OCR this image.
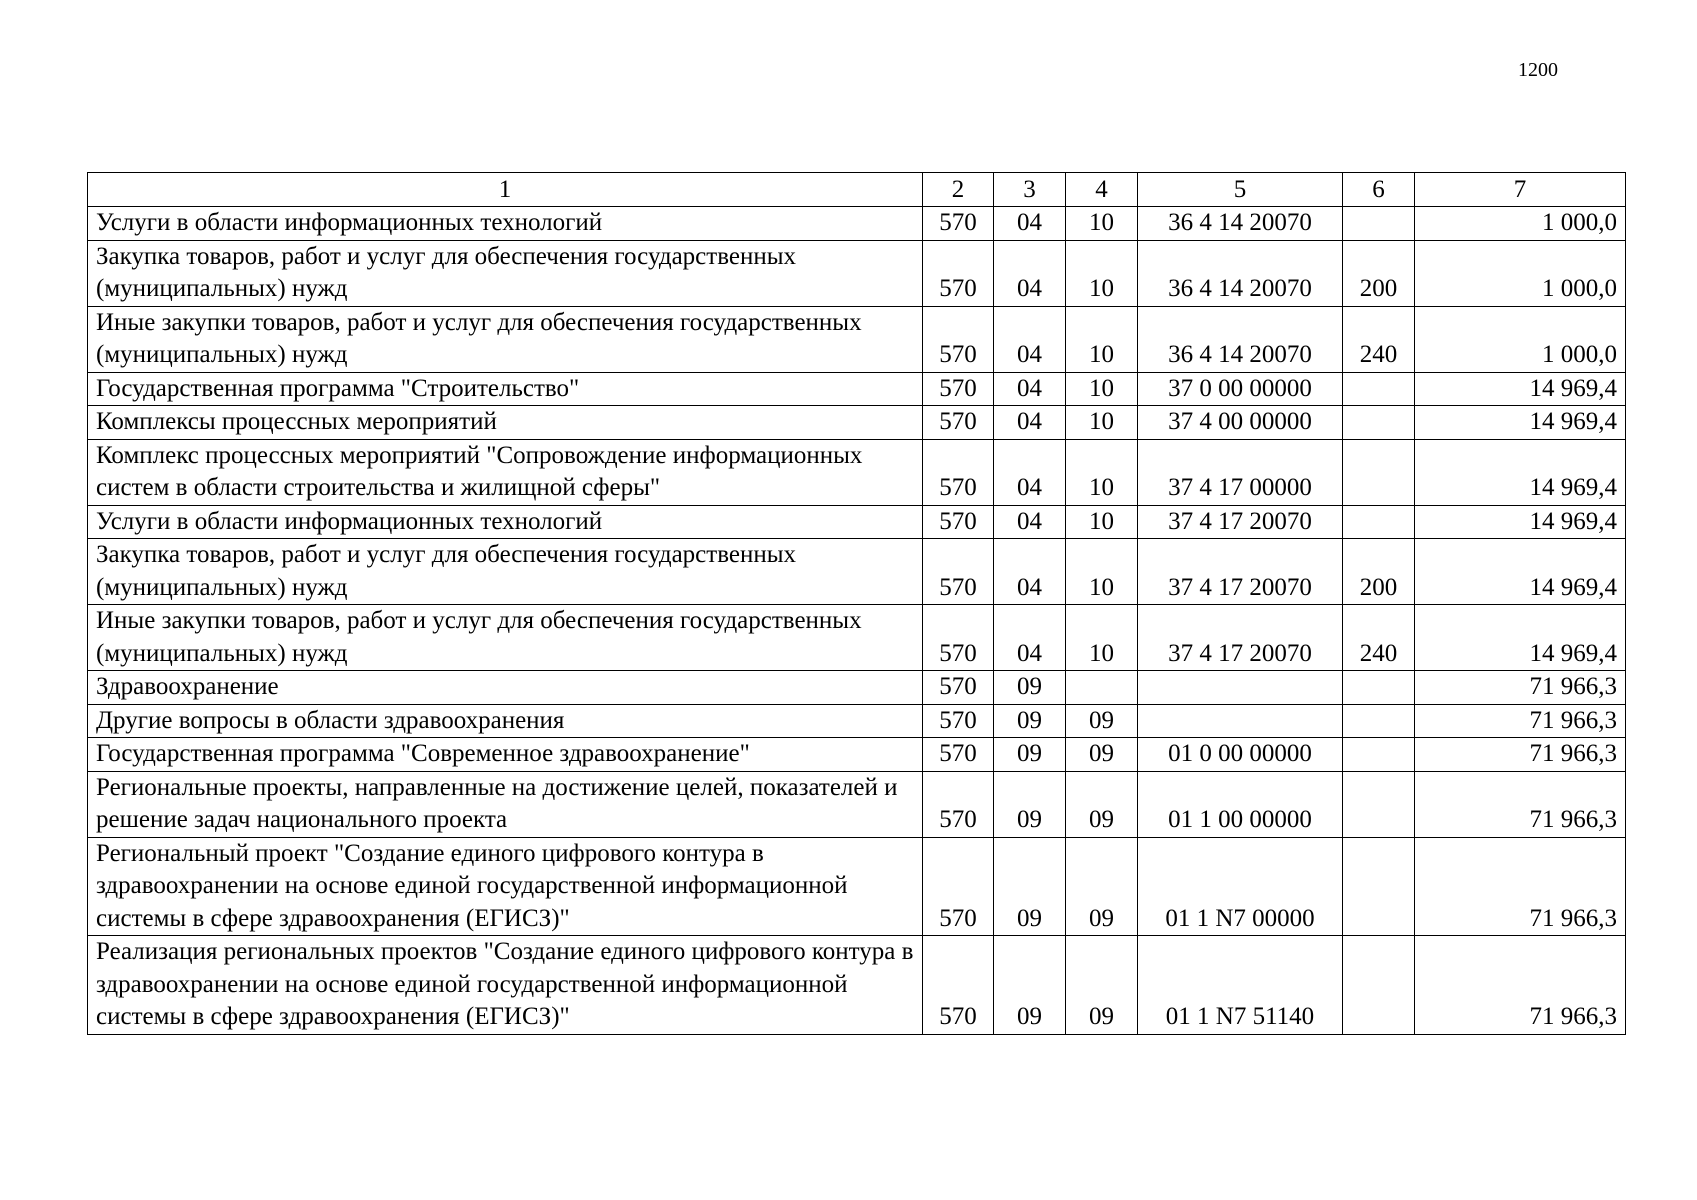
1200
1	2	3	4	5	6	7
Услуги в области информационных технологий	570	04	10	36 4 14 20070		1 000,0
Закупка товаров, работ и услуг для обеспечения государственных (муниципальных) нужд	570	04	10	36 4 14 20070	200	1 000,0
Иные закупки товаров, работ и услуг для обеспечения государственных (муниципальных) нужд	570	04	10	36 4 14 20070	240	1 000,0
Государственная программа "Строительство"	570	04	10	37 0 00 00000		14 969,4
Комплексы процессных мероприятий	570	04	10	37 4 00 00000		14 969,4
Комплекс процессных мероприятий "Сопровождение информационных систем в области строительства и жилищной сферы"	570	04	10	37 4 17 00000		14 969,4
Услуги в области информационных технологий	570	04	10	37 4 17 20070		14 969,4
Закупка товаров, работ и услуг для обеспечения государственных (муниципальных) нужд	570	04	10	37 4 17 20070	200	14 969,4
Иные закупки товаров, работ и услуг для обеспечения государственных (муниципальных) нужд	570	04	10	37 4 17 20070	240	14 969,4
Здравоохранение	570	09				71 966,3
Другие вопросы в области здравоохранения	570	09	09			71 966,3
Государственная программа "Современное здравоохранение"	570	09	09	01 0 00 00000		71 966,3
Региональные проекты, направленные на достижение целей, показателей и решение задач национального проекта	570	09	09	01 1 00 00000		71 966,3
Региональный проект "Создание единого цифрового контура в здравоохранении на основе единой государственной информационной системы в сфере здравоохранения (ЕГИСЗ)"	570	09	09	01 1 N7 00000		71 966,3
Реализация региональных проектов "Создание единого цифрового контура в здравоохранении на основе единой государственной информационной системы в сфере здравоохранения (ЕГИСЗ)"	570	09	09	01 1 N7 51140		71 966,3
